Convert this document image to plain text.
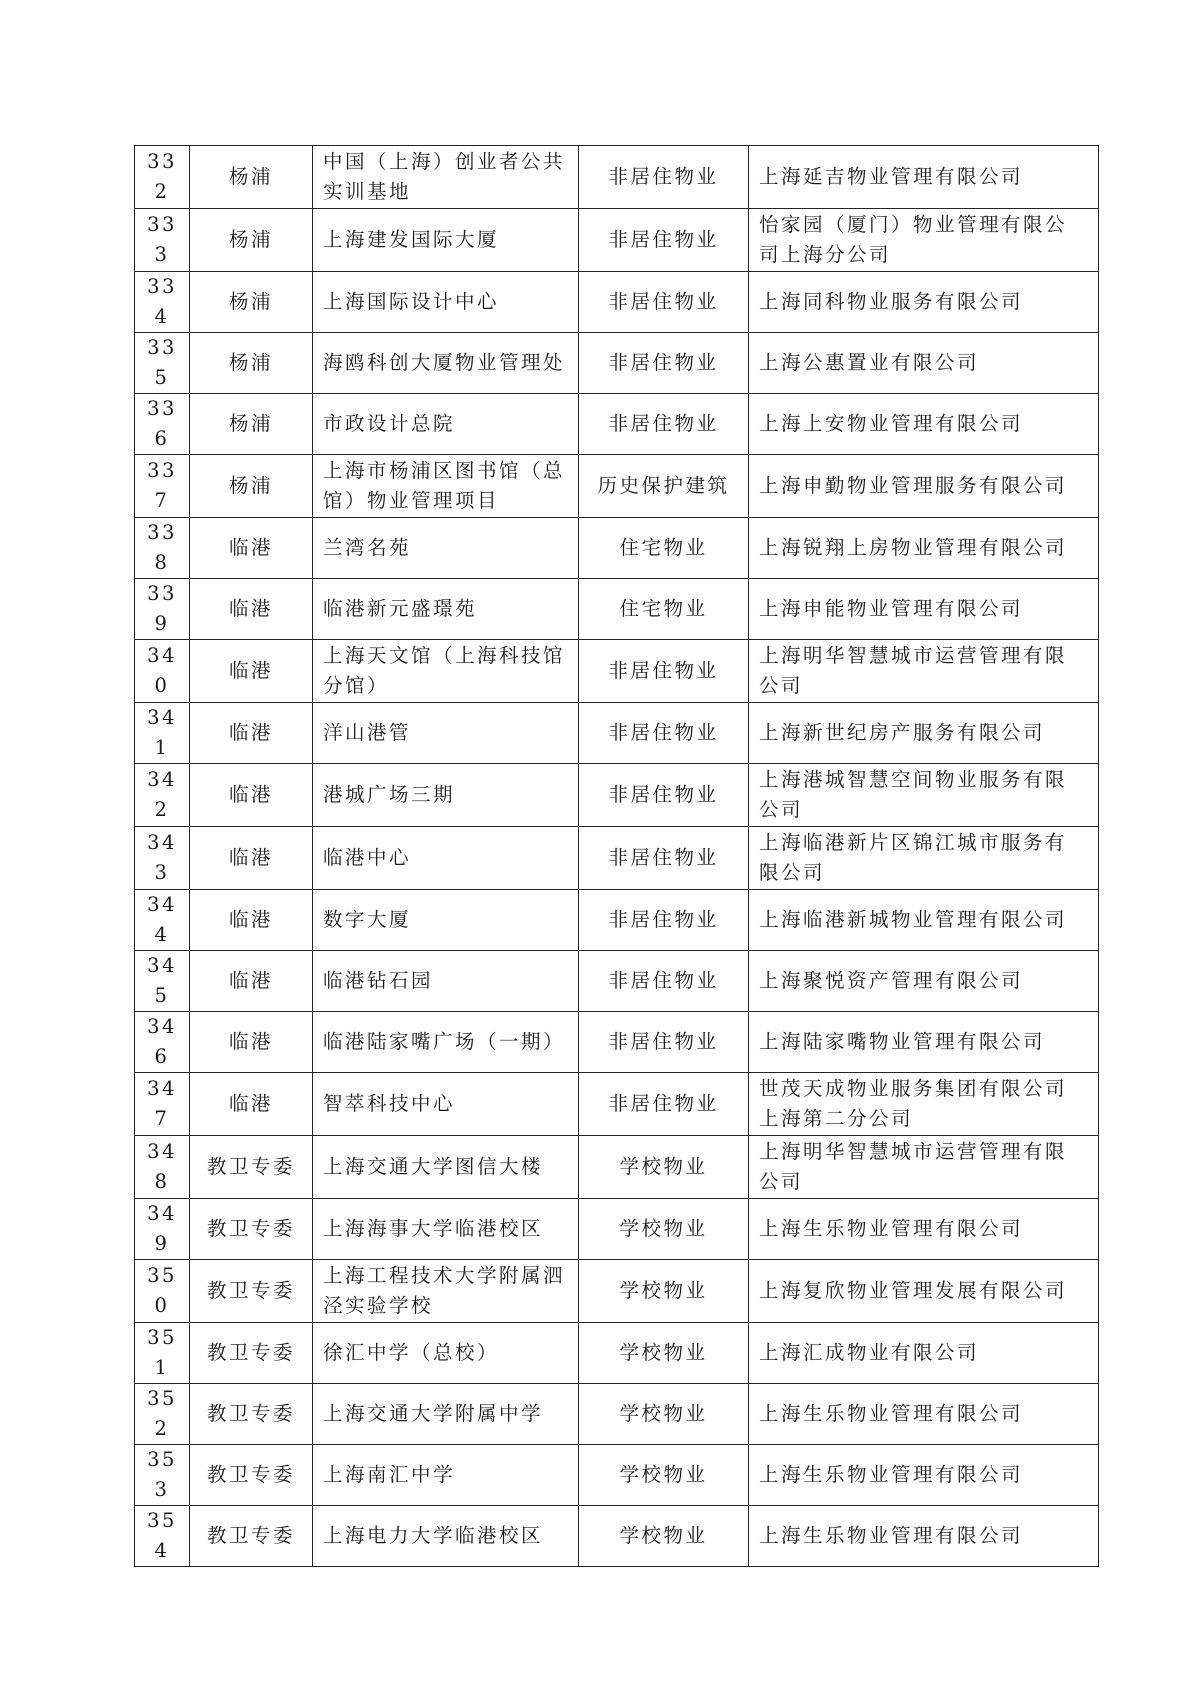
332	杨浦	中国（上海）创业者公共实训基地	非居住物业	上海延吉物业管理有限公司
333	杨浦	上海建发国际大厦	非居住物业	怡家园（厦门）物业管理有限公司上海分公司
334	杨浦	上海国际设计中心	非居住物业	上海同科物业服务有限公司
335	杨浦	海鸥科创大厦物业管理处	非居住物业	上海公惠置业有限公司
336	杨浦	市政设计总院	非居住物业	上海上安物业管理有限公司
337	杨浦	上海市杨浦区图书馆（总馆）物业管理项目	历史保护建筑	上海申勤物业管理服务有限公司
338	临港	兰湾名苑	住宅物业	上海锐翔上房物业管理有限公司
339	临港	临港新元盛璟苑	住宅物业	上海申能物业管理有限公司
340	临港	上海天文馆（上海科技馆分馆）	非居住物业	上海明华智慧城市运营管理有限公司
341	临港	洋山港管	非居住物业	上海新世纪房产服务有限公司
342	临港	港城广场三期	非居住物业	上海港城智慧空间物业服务有限公司
343	临港	临港中心	非居住物业	上海临港新片区锦江城市服务有限公司
344	临港	数字大厦	非居住物业	上海临港新城物业管理有限公司
345	临港	临港钻石园	非居住物业	上海聚悦资产管理有限公司
346	临港	临港陆家嘴广场（一期）	非居住物业	上海陆家嘴物业管理有限公司
347	临港	智萃科技中心	非居住物业	世茂天成物业服务集团有限公司上海第二分公司
348	教卫专委	上海交通大学图信大楼	学校物业	上海明华智慧城市运营管理有限公司
349	教卫专委	上海海事大学临港校区	学校物业	上海生乐物业管理有限公司
350	教卫专委	上海工程技术大学附属泗泾实验学校	学校物业	上海复欣物业管理发展有限公司
351	教卫专委	徐汇中学（总校）	学校物业	上海汇成物业有限公司
352	教卫专委	上海交通大学附属中学	学校物业	上海生乐物业管理有限公司
353	教卫专委	上海南汇中学	学校物业	上海生乐物业管理有限公司
354	教卫专委	上海电力大学临港校区	学校物业	上海生乐物业管理有限公司
